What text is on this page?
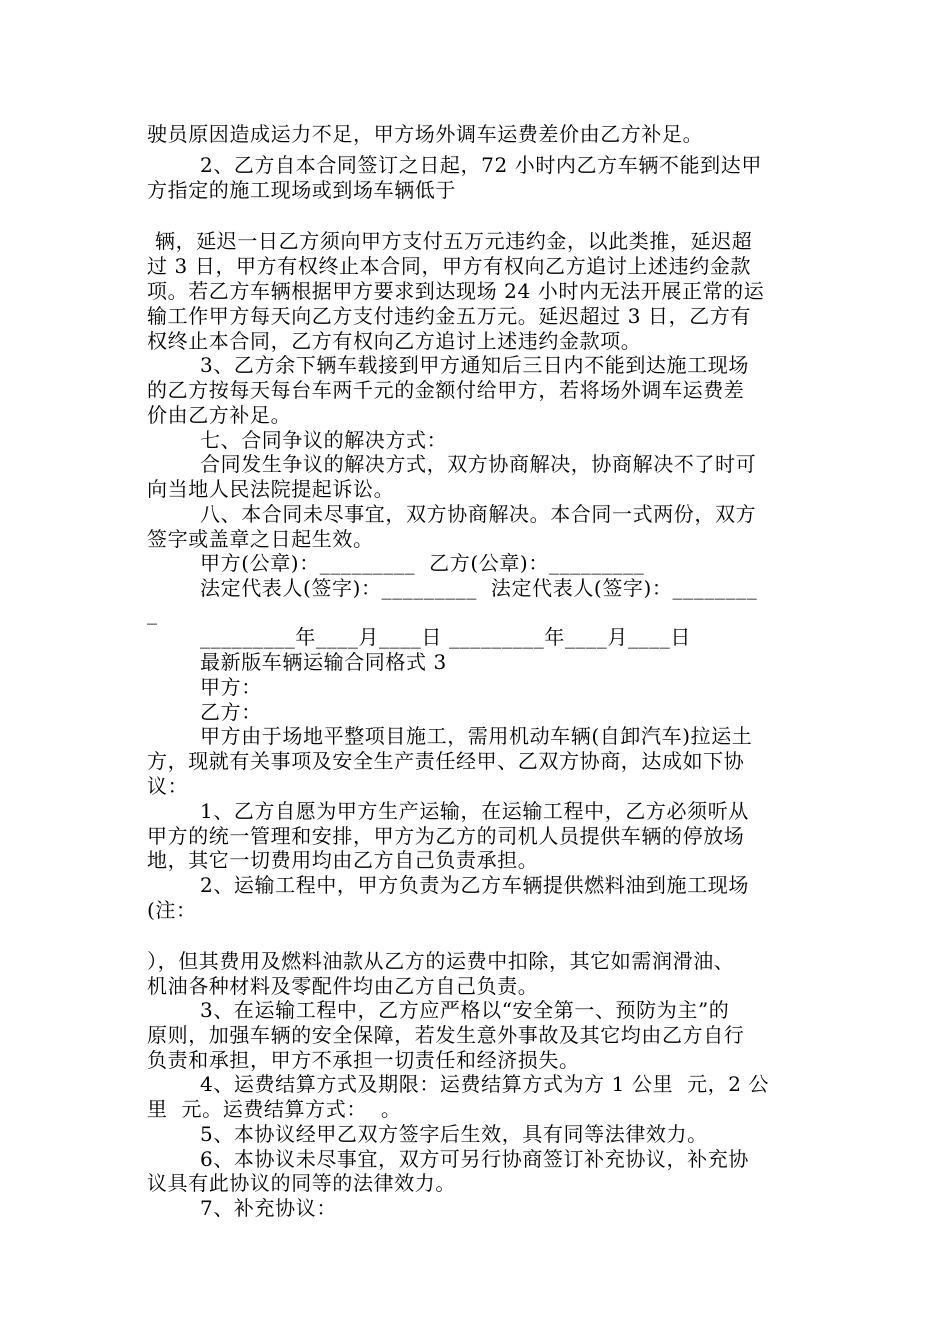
驶员原因造成运力不足，甲方场外调车运费差价由乙方补足。
2、乙方自本合同签订之日起，72 小时内乙方车辆不能到达甲
方指定的施工现场或到场车辆低于
辆，延迟一日乙方须向甲方支付五万元违约金，以此类推，延迟超
过 3 日，甲方有权终止本合同，甲方有权向乙方追讨上述违约金款
项。若乙方车辆根据甲方要求到达现场 24 小时内无法开展正常的运
输工作甲方每天向乙方支付违约金五万元。延迟超过 3 日，乙方有
权终止本合同，乙方有权向乙方追讨上述违约金款项。
3、乙方余下辆车载接到甲方通知后三日内不能到达施工现场
的乙方按每天每台车两千元的金额付给甲方，若将场外调车运费差
价由乙方补足。
七、合同争议的解决方式：
合同发生争议的解决方式，双方协商解决，协商解决不了时可
向当地人民法院提起诉讼。
八、本合同未尽事宜，双方协商解决。本合同一式两份，双方
签字或盖章之日起生效。
甲方(公章)：_________  乙方(公章)：_________
法定代表人(签字)：_________  法定代表人(签字)：________
_
_________年____月____日 _________年____月____日
最新版车辆运输合同格式 3
甲方：
乙方：
甲方由于场地平整项目施工，需用机动车辆(自卸汽车)拉运土
方，现就有关事项及安全生产责任经甲、乙双方协商，达成如下协
议：
1、乙方自愿为甲方生产运输，在运输工程中，乙方必须听从
甲方的统一管理和安排，甲方为乙方的司机人员提供车辆的停放场
地，其它一切费用均由乙方自己负责承担。
2、运输工程中，甲方负责为乙方车辆提供燃料油到施工现场
(注：
），但其费用及燃料油款从乙方的运费中扣除，其它如需润滑油、
机油各种材料及零配件均由乙方自己负责。
3、在运输工程中，乙方应严格以“安全第一、预防为主”的
原则，加强车辆的安全保障，若发生意外事故及其它均由乙方自行
负责和承担，甲方不承担一切责任和经济损失。
4、运费结算方式及期限：运费结算方式为方 1 公里  元，2 公
里  元。运费结算方式：  。
5、本协议经甲乙双方签字后生效，具有同等法律效力。
6、本协议未尽事宜，双方可另行协商签订补充协议，补充协
议具有此协议的同等的法律效力。
7、补充协议：
